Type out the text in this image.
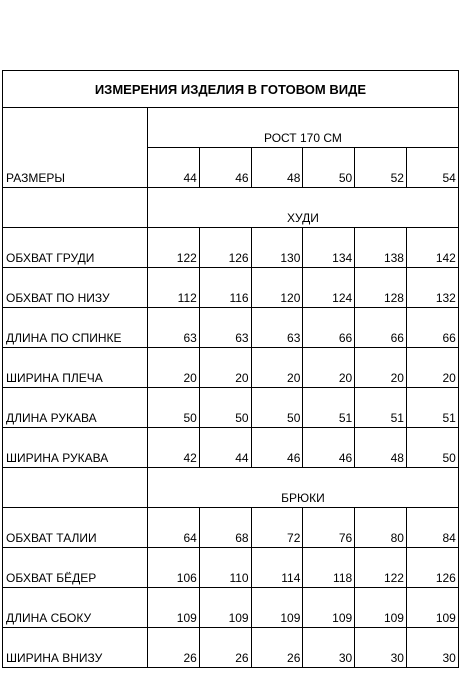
ИЗМЕРЕНИЯ ИЗДЕЛИЯ В ГОТОВОМ ВИДЕ						
РАЗМЕРЫ	РОСТ 170 СМ					
	44	46	48	50	52	54
	ХУДИ					
ОБХВАТ ГРУДИ	122	126	130	134	138	142
ОБХВАТ ПО НИЗУ	112	116	120	124	128	132
ДЛИНА ПО СПИНКЕ	63	63	63	66	66	66
ШИРИНА ПЛЕЧА	20	20	20	20	20	20
ДЛИНА РУКАВА	50	50	50	51	51	51
ШИРИНА РУКАВА	42	44	46	46	48	50
	БРЮКИ					
ОБХВАТ ТАЛИИ	64	68	72	76	80	84
ОБХВАТ БЁДЕР	106	110	114	118	122	126
ДЛИНА СБОКУ	109	109	109	109	109	109
ШИРИНА ВНИЗУ	26	26	26	30	30	30
